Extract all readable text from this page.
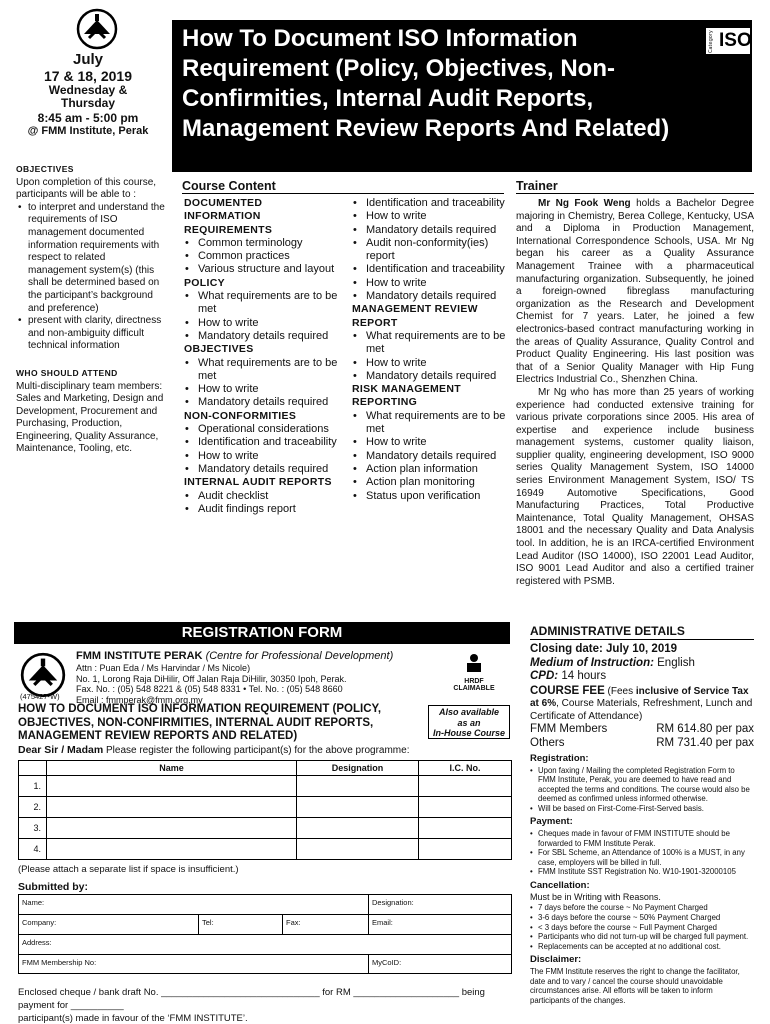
July
17 & 18, 2019
Wednesday &
Thursday
8:45 am - 5:00 pm
@ FMM Institute, Perak
How To Document ISO Information Requirement (Policy, Objectives, Non-Confirmities, Internal Audit Reports, Management Review Reports And Related)
Category ISO
OBJECTIVES
Upon completion of this course, participants will be able to :
• to interpret and understand the requirements of ISO management documented information requirements with respect to related management system(s) (this shall be determined based on the participant’s background and preference)
• present with clarity, directness and non-ambiguity difficult technical information
WHO SHOULD ATTEND
Multi-disciplinary team members: Sales and Marketing, Design and Development, Procurement and Purchasing, Production, Engineering, Quality Assurance, Maintenance, Tooling, etc.
Course Content	Trainer
DOCUMENTED INFORMATION REQUIREMENTS
• Common terminology
• Common practices
• Various structure and layout
POLICY
• What requirements are to be met
• How to write
• Mandatory details required
OBJECTIVES
• What requirements are to be met
• How to write
• Mandatory details required
NON-CONFORMITIES
• Operational considerations
• Identification and traceability
• How to write
• Mandatory details required
INTERNAL AUDIT REPORTS
• Audit checklist
• Audit findings report
• Identification and traceability
• How to write
• Mandatory details required
• Audit non-conformity(ies) report
• Identification and traceability
• How to write
• Mandatory details required
MANAGEMENT REVIEW REPORT
• What requirements are to be met
• How to write
• Mandatory details required
RISK MANAGEMENT REPORTING
• What requirements are to be met
• How to write
• Mandatory details required
• Action plan information
• Action plan monitoring
• Status upon verification

Mr Ng Fook Weng holds a Bachelor Degree majoring in Chemistry, Berea College, Kentucky, USA and a Diploma in Production Management, International Correspondence Schools, USA. Mr Ng began his career as a Quality Assurance Management Trainee with a pharmaceutical manufacturing organization. Subsequently, he joined a foreign-owned fibreglass manufacturing organization as the Research and Development Chemist for 7 years. Later, he joined a few electronics-based contract manufacturing working in the areas of Quality Assurance, Quality Control and Product Quality Engineering. His last position was that of a Senior Quality Manager with Hip Fung Electrics Industrial Co., Shenzhen China.

Mr Ng who has more than 25 years of working experience had conducted extensive training for various private corporations since 2005. His area of expertise and experience include business management systems, customer quality liaison, supplier quality, engineering development, ISO 9000 series Quality Management System, ISO 14000 series Environment Management System, ISO/ TS 16949 Automotive Specifications, Good Manufacturing Practices, Total Productive Maintenance, Total Quality Management, OHSAS 18001 and the necessary Quality and Data Analysis tool. In addition, he is an IRCA-certified Environment Lead Auditor (ISO 14000), ISO 22001 Lead Auditor, ISO 9001 Lead Auditor and also a certified trainer registered with PSMB.

REGISTRATION FORM	ADMINISTRATIVE DETAILS
FMM INSTITUTE PERAK (Centre for Professional Development)
Attn : Puan Eda / Ms Harvindar / Ms Nicole)
No. 1, Lorong Raja DiHilir, Off Jalan Raja DiHilir, 30350 Ipoh, Perak.
Fax. No. : (05) 548 8221 & (05) 548 8331 • Tel. No. : (05) 548 8660
Email : fmmperak@fmm.org.my
(475427-W)
HRDF
CLAIMABLE
HOW TO DOCUMENT ISO INFORMATION REQUIREMENT (POLICY, OBJECTIVES, NON-CONFIRMITIES, INTERNAL AUDIT REPORTS, MANAGEMENT REVIEW REPORTS AND RELATED)
Also available
as an
In-House Course
Dear Sir / Madam Please register the following participant(s) for the above programme:
	Name	Designation	I.C. No.
1.			
2.			
3.			
4.			
(Please attach a separate list if space is insufficient.)
Submitted by:
Name:	Designation:
Company:	Tel:	Fax:	Email:
Address:
FMM Membership No:	MyCoID:
Enclosed cheque / bank draft No. ______________________________ for RM ____________________ being payment for __________
participant(s) made in favour of the ‘FMM INSTITUTE’.
Closing date: July 10, 2019
Medium of Instruction: English
CPD: 14 hours
COURSE FEE (Fees inclusive of Service Tax at 6%, Course Materials, Refreshment, Lunch and Certificate of Attendance)
FMM Members	RM 614.80 per pax
Others	RM 731.40 per pax
Registration:
• Upon faxing / Mailing the completed Registration Form to FMM Institute, Perak, you are deemed to have read and accepted the terms and conditions. The course would also be deemed as confirmed unless informed otherwise.
• Will be based on First-Come-First-Served basis.
Payment:
• Cheques made in favour of FMM INSTITUTE should be forwarded to FMM Institute Perak.
• For SBL Scheme, an Attendance of 100% is a MUST, in any case, employers will be billed in full.
• FMM Institute SST Registration No. W10-1901-32000105
Cancellation:
Must be in Writing with Reasons.
• 7 days before the course ~ No Payment Charged
• 3-6 days before the course ~ 50% Payment Charged
• < 3 days before the course ~ Full Payment Charged
• Participants who did not turn-up will be charged full payment.
• Replacements can be accepted at no additional cost.
Disclaimer:
The FMM Institute reserves the right to change the facilitator, date and to vary / cancel the course should unavoidable circumstances arise. All efforts will be taken to inform participants of the changes.
